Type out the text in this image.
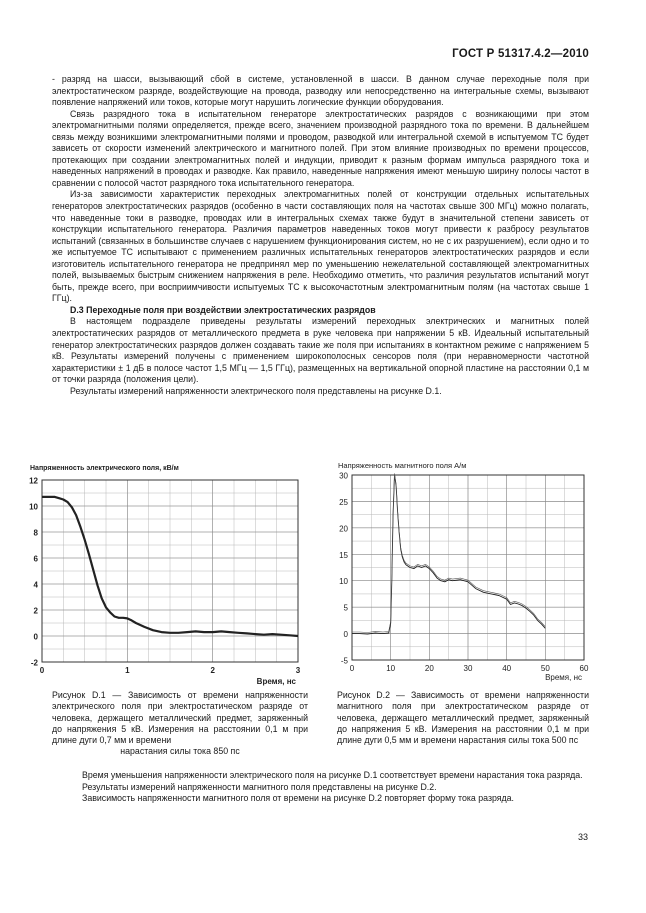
ГОСТ Р 51317.4.2—2010

- разряд на шасси, вызывающий сбой в системе, установленной в шасси. В данном случае переходные поля при электростатическом разряде, воздействующие на провода, разводку или непосредственно на интегральные схемы, вызывают появление напряжений или токов, которые могут нарушить логические функции оборудования.

Связь разрядного тока в испытательном генераторе электростатических разрядов с возникающими при этом электромагнитными полями определяется, прежде всего, значением производной разрядного тока по времени. В дальнейшем связь между возникшими электромагнитными полями и проводом, разводкой или интегральной схемой в испытуемом ТС будет зависеть от скорости изменений электрического и магнитного полей. При этом влияние производных по времени процессов, протекающих при создании электромагнитных полей и индукции, приводит к разным формам импульса разрядного тока и наведенных напряжений в проводах и разводке. Как правило, наведенные напряжения имеют меньшую ширину полосы частот в сравнении с полосой частот разрядного тока испытательного генератора.

Из-за зависимости характеристик переходных электромагнитных полей от конструкции отдельных испытательных генераторов электростатических разрядов (особенно в части составляющих поля на частотах свыше 300 МГц) можно полагать, что наведенные токи в разводке, проводах или в интегральных схемах также будут в значительной степени зависеть от конструкции испытательного генератора. Различия параметров наведенных токов могут привести к разбросу результатов испытаний (связанных в большинстве случаев с нарушением функционирования систем, но не с их разрушением), если одно и то же испытуемое ТС испытывают с применением различных испытательных генераторов электростатических разрядов и если изготовитель испытательного генератора не предпринял мер по уменьшению нежелательной составляющей электромагнитных полей, вызываемых быстрым снижением напряжения в реле. Необходимо отметить, что различия результатов испытаний могут быть, прежде всего, при восприимчивости испытуемых ТС к высокочастотным электромагнитным полям (на частотах свыше 1 ГГц).

D.3 Переходные поля при воздействии электростатических разрядов

В настоящем подразделе приведены результаты измерений переходных электрических и магнитных полей электростатических разрядов от металлического предмета в руке человека при напряжении 5 кВ. Идеальный испытательный генератор электростатических разрядов должен создавать такие же поля при испытаниях в контактном режиме с напряжением 5 кВ. Результаты измерений получены с применением широкополосных сенсоров поля (при неравномерности частотной характеристики ± 1 дБ в полосе частот 1,5 МГц — 1,5 ГГц), размещенных на вертикальной опорной пластине на расстоянии 0,1 м от точки разряда (положения цели).

Результаты измерений напряженности электрического поля представлены на рисунке D.1.

Напряженность электрического поля, кВ/м
-2
0
2
4
6
8
10
12
0	1	2	3
Время, нс
Рисунок D.1 — Зависимость от времени напряженности электрического поля при электростатическом разряде от человека, держащего металлический предмет, заряженный до напряжения 5 кВ. Измерения на расстоянии 0,1 м при длине дуги 0,7 мм и времени
нарастания силы тока 850 пс
Напряженность магнитного поля А/м
-5
0
5
10
15
20
25
30
0	10	20	30	40	50	60
Время, нс
Рисунок D.2 — Зависимость от времени напряженности магнитного поля при электростатическом разряде от человека, держащего металлический предмет, заряженный до напряжения 5 кВ. Измерения на расстоянии 0,1 м при длине дуги 0,5 мм и времени нарастания силы тока 500 пс

Время уменьшения напряженности электрического поля на рисунке D.1 соответствует времени нарастания тока разряда.

Результаты измерений напряженности магнитного поля представлены на рисунке D.2.

Зависимость напряженности магнитного поля от времени на рисунке D.2 повторяет форму тока разряда.

33
